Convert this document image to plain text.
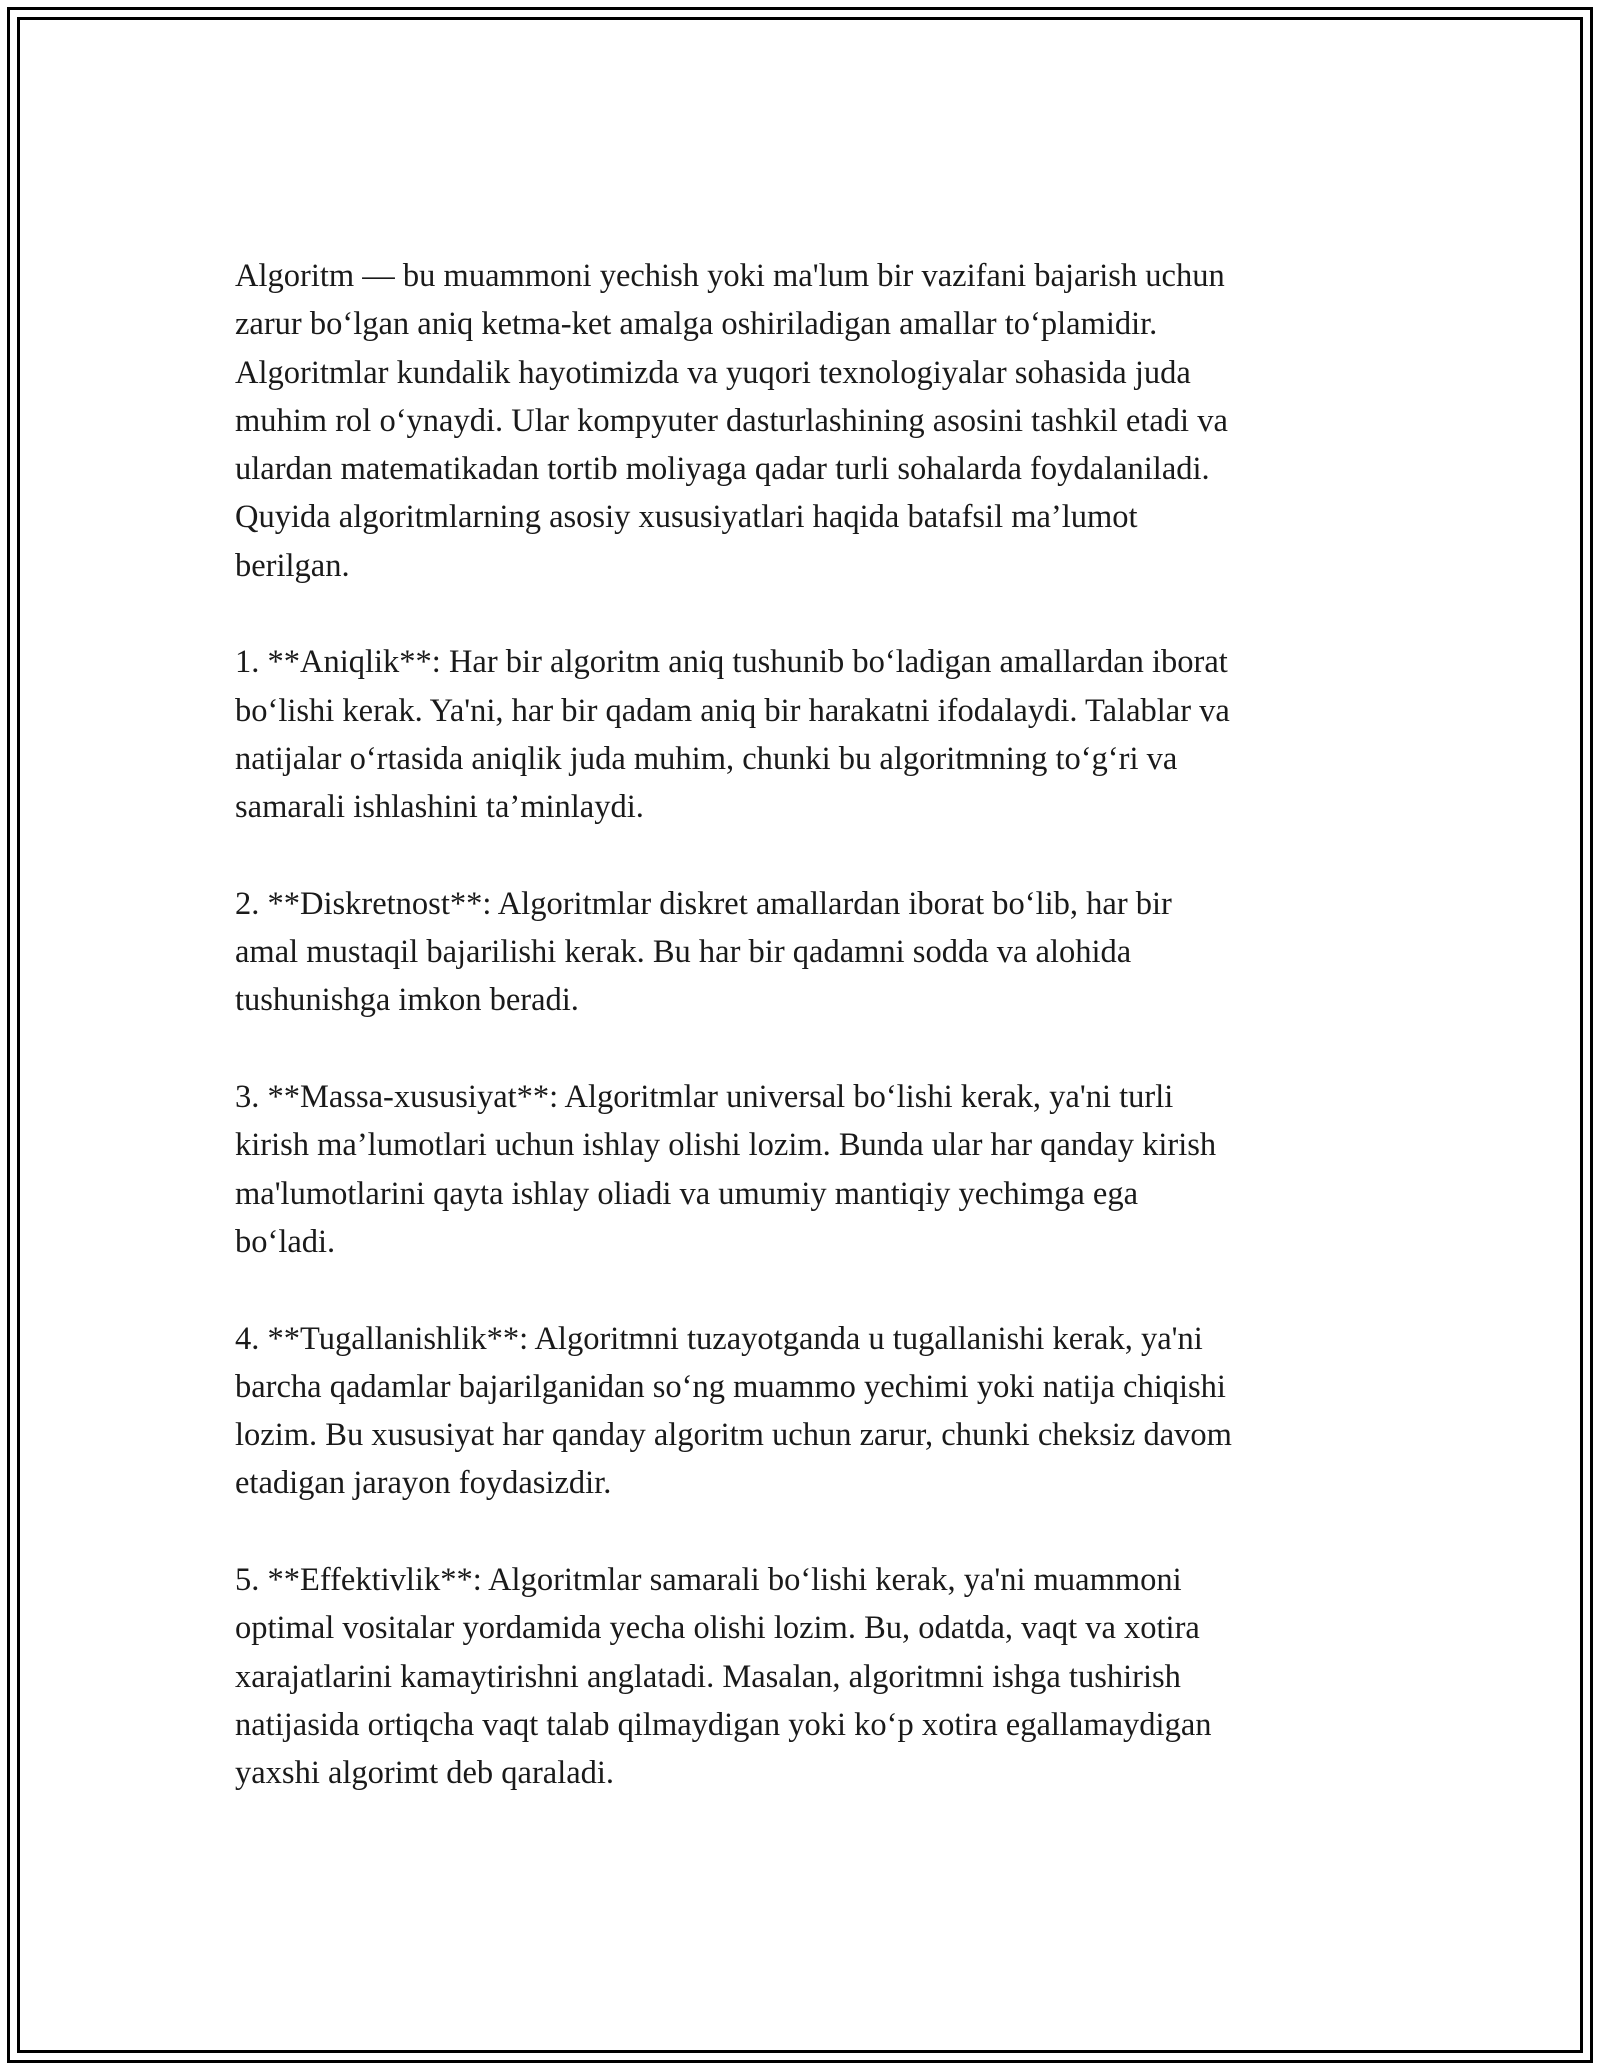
Algoritm — bu muammoni yechish yoki ma'lum bir vazifani bajarish uchun
zarur bo‘lgan aniq ketma-ket amalga oshiriladigan amallar to‘plamidir.
Algoritmlar kundalik hayotimizda va yuqori texnologiyalar sohasida juda
muhim rol o‘ynaydi. Ular kompyuter dasturlashining asosini tashkil etadi va
ulardan matematikadan tortib moliyaga qadar turli sohalarda foydalaniladi.
Quyida algoritmlarning asosiy xususiyatlari haqida batafsil ma’lumot
berilgan.

1. **Aniqlik**: Har bir algoritm aniq tushunib bo‘ladigan amallardan iborat
bo‘lishi kerak. Ya'ni, har bir qadam aniq bir harakatni ifodalaydi. Talablar va
natijalar o‘rtasida aniqlik juda muhim, chunki bu algoritmning to‘g‘ri va
samarali ishlashini ta’minlaydi.

2. **Diskretnost**: Algoritmlar diskret amallardan iborat bo‘lib, har bir
amal mustaqil bajarilishi kerak. Bu har bir qadamni sodda va alohida
tushunishga imkon beradi.

3. **Massa-xususiyat**: Algoritmlar universal bo‘lishi kerak, ya'ni turli
kirish ma’lumotlari uchun ishlay olishi lozim. Bunda ular har qanday kirish
ma'lumotlarini qayta ishlay oliadi va umumiy mantiqiy yechimga ega
bo‘ladi.

4. **Tugallanishlik**: Algoritmni tuzayotganda u tugallanishi kerak, ya'ni
barcha qadamlar bajarilganidan so‘ng muammo yechimi yoki natija chiqishi
lozim. Bu xususiyat har qanday algoritm uchun zarur, chunki cheksiz davom
etadigan jarayon foydasizdir.

5. **Effektivlik**: Algoritmlar samarali bo‘lishi kerak, ya'ni muammoni
optimal vositalar yordamida yecha olishi lozim. Bu, odatda, vaqt va xotira
xarajatlarini kamaytirishni anglatadi. Masalan, algoritmni ishga tushirish
natijasida ortiqcha vaqt talab qilmaydigan yoki ko‘p xotira egallamaydigan
yaxshi algorimt deb qaraladi.
